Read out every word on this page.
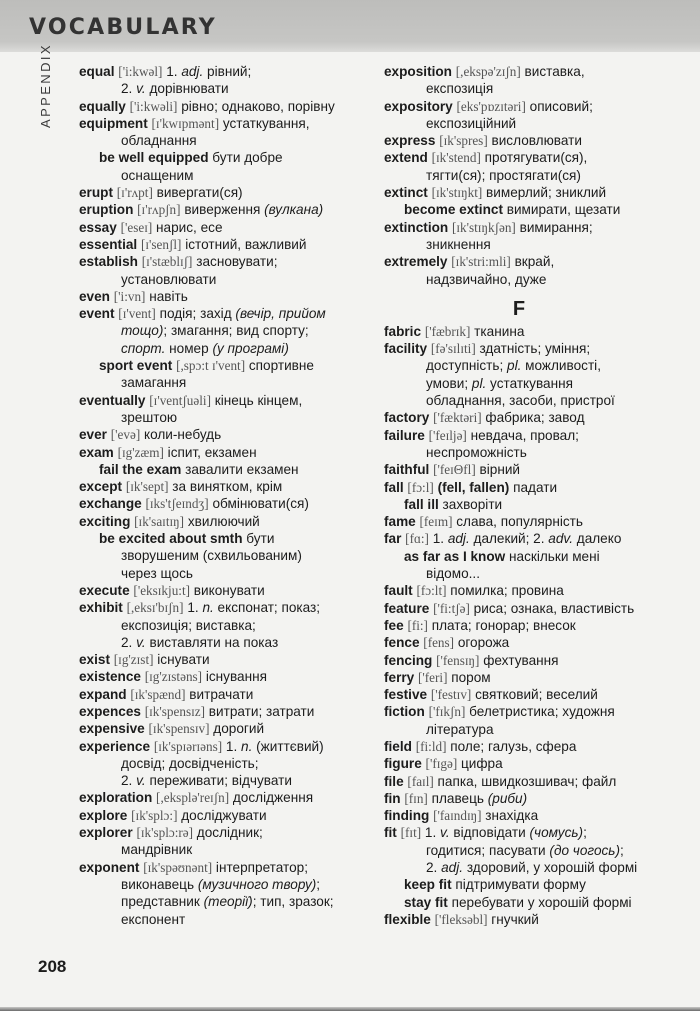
VOCABULARY
APPENDIX equal ['i:kwəl] 1. adj. рівний;
2. v. дорівнювати
equally ['i:kwəli] рівно; однаково, порівну
equipment [ɪ'kwɪpmənt] устаткування,
обладнання
be well equipped бути добре
оснащеним
erupt [ɪ'rʌpt] вивергати(ся)
eruption [ɪ'rʌpʃn] виверження (вулкана)
essay ['eseɪ] нарис, есе
essential [ɪ'senʃl] істотний, важливий
establish [ɪ'stæblɪʃ] засновувати;
установлювати
even ['i:vn] навіть
event [ɪ'vent] подія; захід (вечір, прийом
тощо); змагання; вид спорту;
спорт. номер (у програмі)
sport event [,spɔ:t ɪ'vent] спортивне
замагання
eventually [ɪ'ventʃuəli] кінець кінцем,
зрештою
ever ['evə] коли-небудь
exam [ɪg'zæm] іспит, екзамен
fail the exam завалити екзамен
except [ɪk'sept] за винятком, крім
exchange [ɪks'tʃeɪndʒ] обмінювати(ся)
exciting [ɪk'saɪtɪŋ] хвилюючий
be excited about smth бути
зворушеним (схвильованим)
через щось
execute ['eksɪkju:t] виконувати
exhibit [,eksɪ'bɪʃn] 1. n. експонат; показ;
експозиція; виставка;
2. v. виставляти на показ
exist [ɪg'zɪst] існувати
existence [ɪg'zɪstəns] існування
expand [ɪk'spænd] витрачати
expences [ɪk'spensɪz] витрати; затрати
expensive [ɪk'spensɪv] дорогий
experience [ɪk'spɪərɪəns] 1. n. (життєвий)
досвід; досвідченість;
2. v. переживати; відчувати
exploration [,eksplə'reɪʃn] дослідження
explore [ɪk'splɔ:] досліджувати
explorer [ɪk'splɔ:rə] дослідник;
мандрівник
exponent [ɪk'spəʊnənt] інтерпретатор;
виконавець (музичного твору);
представник (теорії); тип, зразок;
експонент
exposition [,ekspə'zɪʃn] виставка,
експозиція
expository [eks'pɒzɪtəri] описовий;
експозиційний
express [ɪk'spres] висловлювати
extend [ɪk'stend] протягувати(ся),
тягти(ся); простягати(ся)
extinct [ɪk'stɪŋkt] вимерлий; зниклий
become extinct вимирати, щезати
extinction [ɪk'stɪŋkʃən] вимирання;
зникнення
extremely [ɪk'stri:mli] вкрай,
надзвичайно, дуже
F
fabric ['fæbrɪk] тканина
facility [fə'sɪlɪti] здатність; уміння;
доступність; pl. можливості,
умови; pl. устаткування
обладнання, засоби, пристрої
factory ['fæktəri] фабрика; завод
failure ['feɪljə] невдача, провал;
неспроможність
faithful ['feɪΘfl] вірний
fall [fɔ:l] (fell, fallen) падати
fall ill захворіти
fame [feɪm] слава, популярність
far [fɑ:] 1. adj. далекий; 2. adv. далеко
as far as I know наскільки мені
відомо...
fault [fɔ:lt] помилка; провина
feature ['fi:tʃə] риса; ознака, властивість
fee [fi:] плата; гонорар; внесок
fence [fens] огорожа
fencing ['fensɪŋ] фехтування
ferry ['feri] пором
festive ['festɪv] святковий; веселий
fiction ['fɪkʃn] белетристика; художня
література
field [fi:ld] поле; галузь, сфера
figure ['fɪgə] цифра
file [faɪl] папка, швидкозшивач; файл
fin [fɪn] плавець (риби)
finding ['faɪndɪŋ] знахідка
fit [fɪt] 1. v. відповідати (чомусь);
годитися; пасувати (до чогось);
2. adj. здоровий, у хорошій формі
keep fit підтримувати форму
stay fit перебувати у хорошій формі
flexible ['fleksəbl] гнучкий
208
